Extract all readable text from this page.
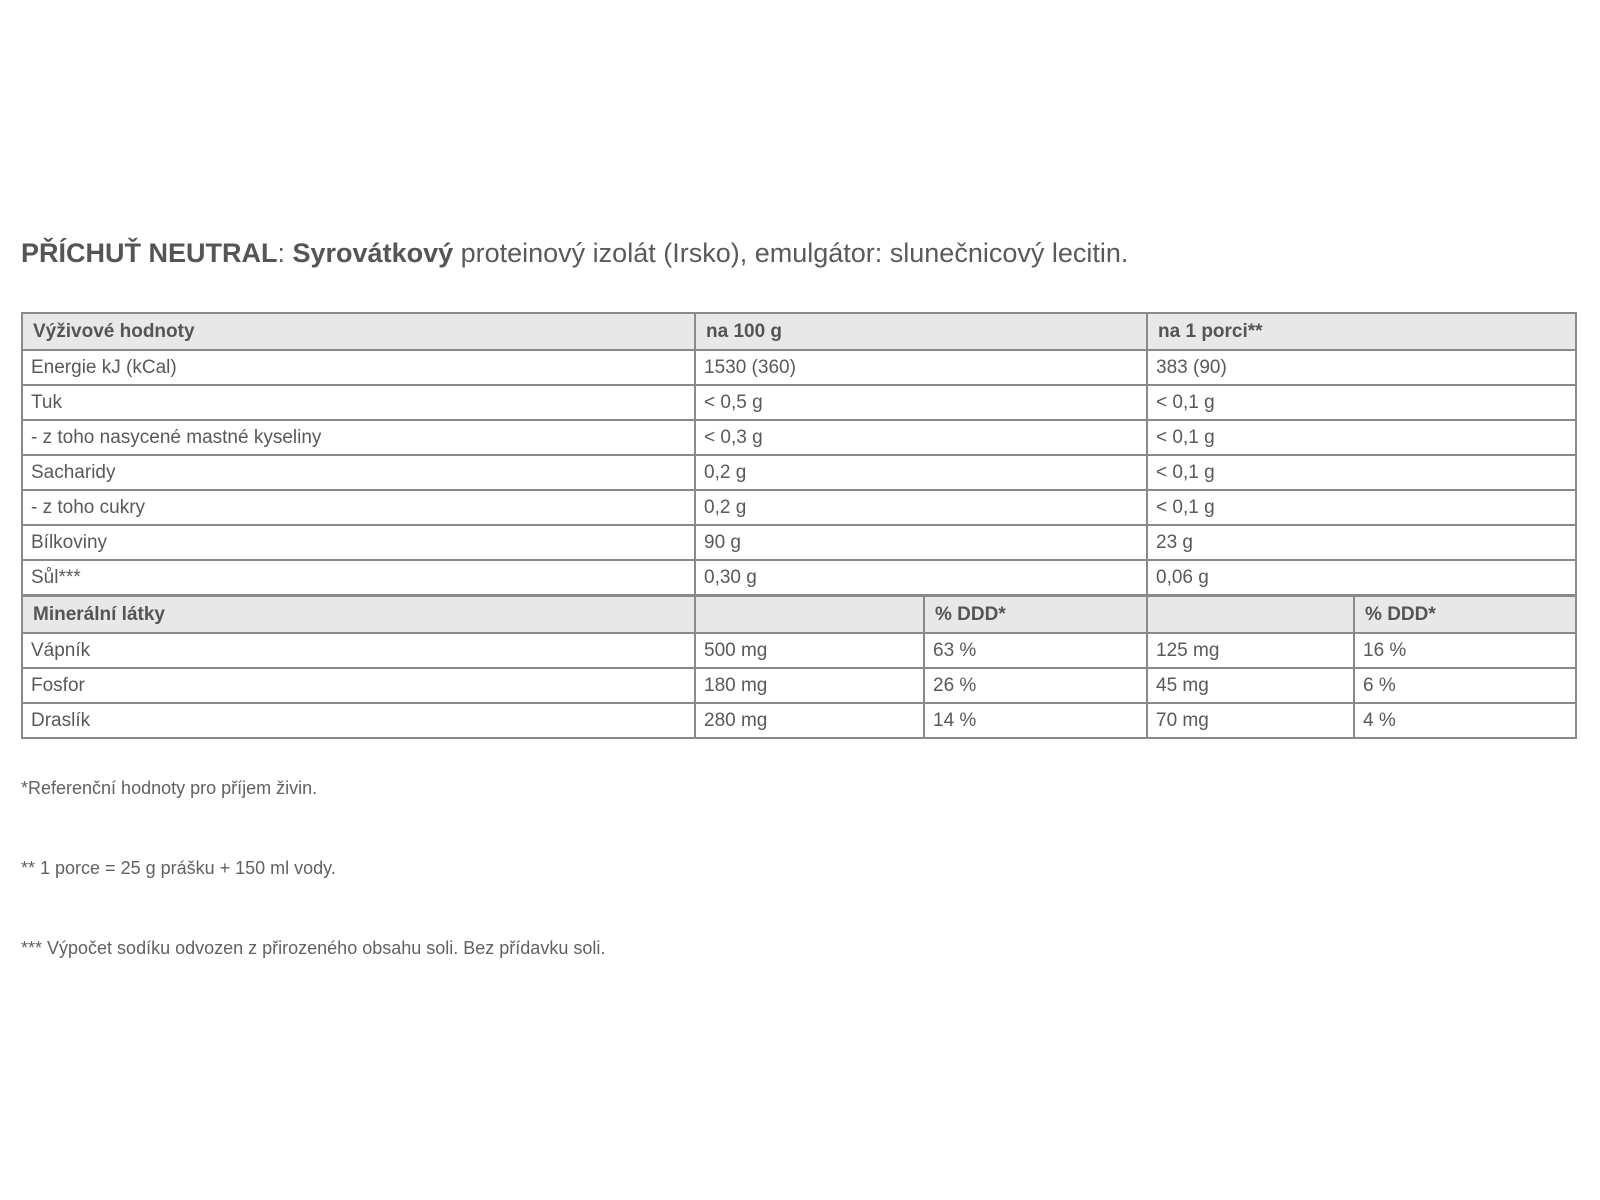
PŘÍCHUŤ NEUTRAL: Syrovátkový proteinový izolát (Irsko), emulgátor: slunečnicový lecitin.
Výživové hodnoty	na 100 g		na 1 porci**	
Energie kJ (kCal)	1530 (360)		383 (90)	
Tuk	< 0,5 g		< 0,1 g	
- z toho nasycené mastné kyseliny	< 0,3 g		< 0,1 g	
Sacharidy	0,2 g		< 0,1 g	
- z toho cukry	0,2 g		< 0,1 g	
Bílkoviny	90 g		23 g	
Sůl***	0,30 g		0,06 g	
Minerální látky		% DDD*		% DDD*
Vápník	500 mg	63 %	125 mg	16 %
Fosfor	180 mg	26 %	45 mg	6 %
Draslík	280 mg	14 %	70 mg	4 %
*Referenční hodnoty pro příjem živin.
** 1 porce = 25 g prášku + 150 ml vody.
*** Výpočet sodíku odvozen z přirozeného obsahu soli. Bez přídavku soli.
